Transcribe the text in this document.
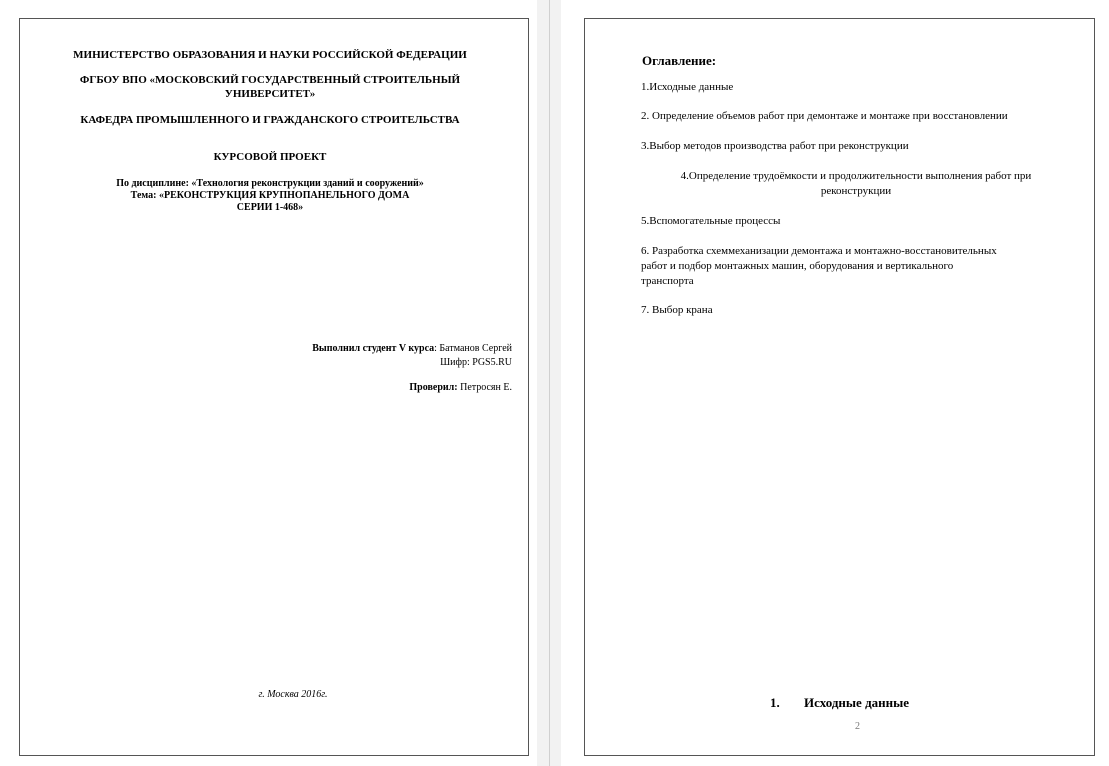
МИНИСТЕРСТВО ОБРАЗОВАНИЯ И НАУКИ РОССИЙСКОЙ ФЕДЕРАЦИИ
ФГБОУ ВПО «МОСКОВСКИЙ ГОСУДАРСТВЕННЫЙ СТРОИТЕЛЬНЫЙ
УНИВЕРСИТЕТ»
КАФЕДРА ПРОМЫШЛЕННОГО И ГРАЖДАНСКОГО СТРОИТЕЛЬСТВА
КУРСОВОЙ ПРОЕКТ
По дисциплине: «Технология реконструкции зданий и сооружений»
Тема: «РЕКОНСТРУКЦИЯ КРУПНОПАНЕЛЬНОГО ДОМА
СЕРИИ 1-468»
Выполнил студент V курса: Батманов Сергей
Шифр: PGS5.RU
Проверил: Петросян Е.
г. Москва 2016г.
Оглавление:
1.Исходные данные
2. Определение объемов работ при демонтаже и монтаже при восстановлении
3.Выбор методов производства работ при реконструкции
4.Определение трудоёмкости и продолжительности выполнения работ при
реконструкции
5.Вспомогательные процессы
6. Разработка схеммеханизации демонтажа и монтажно-восстановительных
работ и подбор монтажных машин, оборудования и вертикального
транспорта
7. Выбор крана
1. Исходные данные
2
